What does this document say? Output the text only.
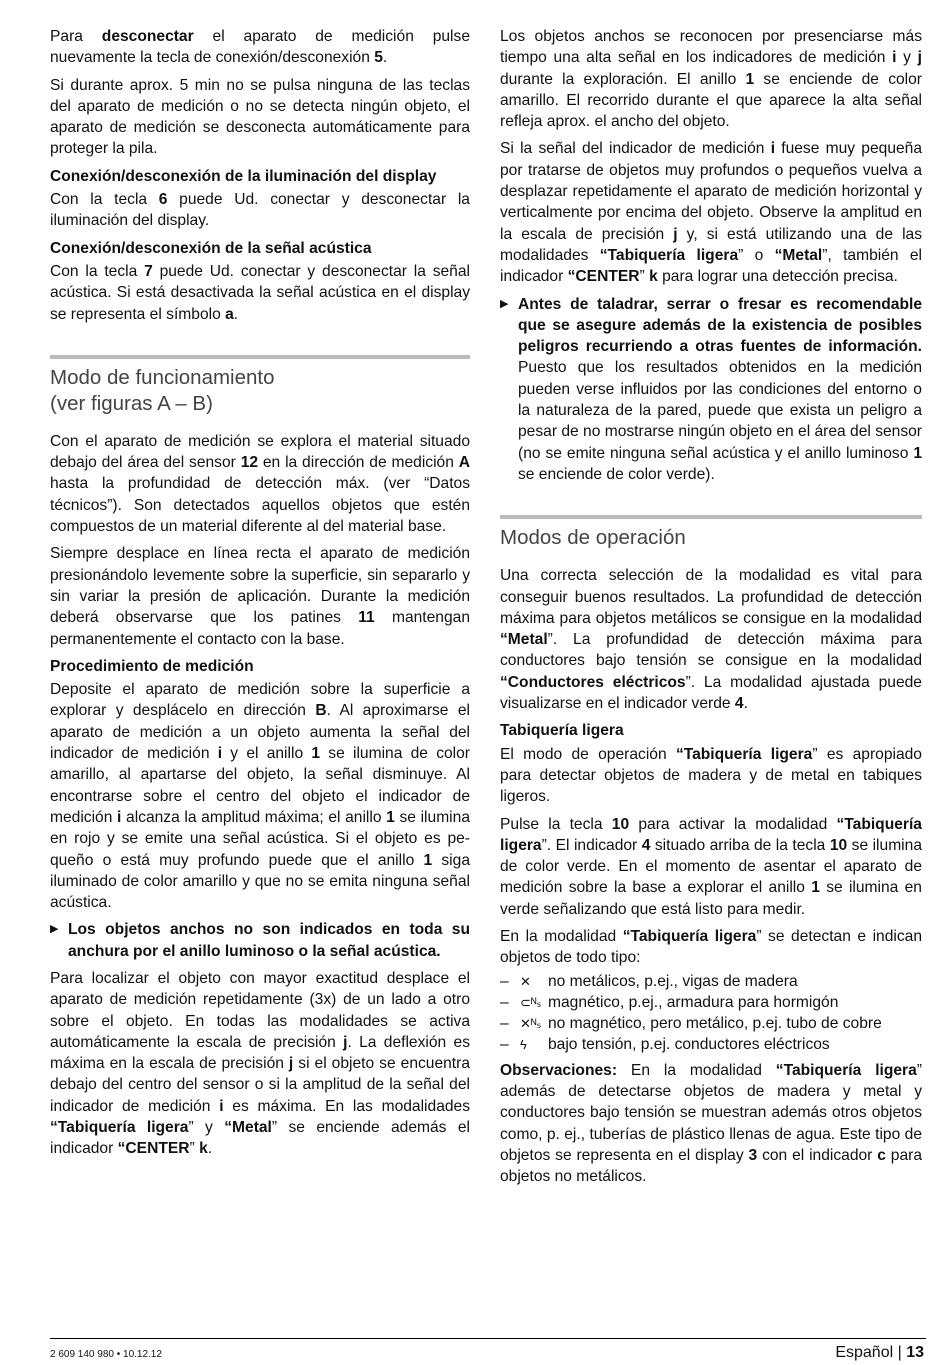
Para desconectar el aparato de medición pulse nuevamente la tecla de conexión/desconexión 5.

Si durante aprox. 5 min no se pulsa ninguna de las teclas del aparato de medición o no se detecta ningún objeto, el aparato de medición se desconecta automáticamente para proteger la pila.

Conexión/desconexión de la iluminación del display

Con la tecla 6 puede Ud. conectar y desconectar la iluminación del display.

Conexión/desconexión de la señal acústica

Con la tecla 7 puede Ud. conectar y desconectar la señal acústica. Si está desactivada la señal acústica en el display se representa el símbolo a.

Modo de funcionamiento
(ver figuras A – B)

Con el aparato de medición se explora el material situado debajo del área del sensor 12 en la dirección de medición A hasta la profundidad de detección máx. (ver “Datos técnicos”). Son detectados aquellos objetos que estén compuestos de un material diferente al del material base.

Siempre desplace en línea recta el aparato de medición presionándolo levemente sobre la superficie, sin separarlo y sin variar la presión de aplicación. Durante la medición deberá observarse que los patines 11 mantengan permanentemente el contacto con la base.

Procedimiento de medición

Deposite el aparato de medición sobre la superficie a explorar y desplácelo en dirección B. Al aproximarse el aparato de medición a un objeto aumenta la señal del indicador de medición i y el anillo 1 se ilumina de color amarillo, al apartarse del objeto, la señal disminuye. Al encontrarse sobre el centro del objeto el indicador de medición i alcanza la amplitud máxima; el anillo 1 se ilumina en rojo y se emite una señal acústica. Si el objeto es pequeño o está muy profundo puede que el anillo 1 siga iluminado de color amarillo y que no se emita ninguna señal acústica.

▶ Los objetos anchos no son indicados en toda su anchura por el anillo luminoso o la señal acústica.

Para localizar el objeto con mayor exactitud desplace el aparato de medición repetidamente (3x) de un lado a otro sobre el objeto. En todas las modalidades se activa automáticamente la escala de precisión j. La deflexión es máxima en la escala de precisión j si el objeto se encuentra debajo del centro del sensor o si la amplitud de la señal del indicador de medición i es máxima. En las modalidades “Tabiquería ligera” y “Metal” se enciende además el indicador “CENTER” k.

Los objetos anchos se reconocen por presenciarse más tiempo una alta señal en los indicadores de medición i y j durante la exploración. El anillo 1 se enciende de color amarillo. El recorrido durante el que aparece la alta señal refleja aprox. el ancho del objeto.

Si la señal del indicador de medición i fuese muy pequeña por tratarse de objetos muy profundos o pequeños vuelva a desplazar repetidamente el aparato de medición horizontal y verticalmente por encima del objeto. Observe la amplitud en la escala de precisión j y, si está utilizando una de las modalidades “Tabiquería ligera” o “Metal”, también el indicador “CENTER” k para lograr una detección precisa.

▶ Antes de taladrar, serrar o fresar es recomendable que se asegure además de la existencia de posibles peligros recurriendo a otras fuentes de información. Puesto que los resultados obtenidos en la medición pueden verse influidos por las condiciones del entorno o la naturaleza de la pared, puede que exista un peligro a pesar de no mostrarse ningún objeto en el área del sensor (no se emite ninguna señal acústica y el anillo luminoso 1 se enciende de color verde).

Modos de operación

Una correcta selección de la modalidad es vital para conseguir buenos resultados. La profundidad de detección máxima para objetos metálicos se consigue en la modalidad “Metal”. La profundidad de detección máxima para conductores bajo tensión se consigue en la modalidad “Conductores eléctricos”. La modalidad ajustada puede visualizarse en el indicador verde 4.

Tabiquería ligera

El modo de operación “Tabiquería ligera” es apropiado para detectar objetos de madera y de metal en tabiques ligeros.

Pulse la tecla 10 para activar la modalidad “Tabiquería ligera”. El indicador 4 situado arriba de la tecla 10 se ilumina de color verde. En el momento de asentar el aparato de medición sobre la base a explorar el anillo 1 se ilumina en verde señalizando que está listo para medir.

En la modalidad “Tabiquería ligera” se detectan e indican objetos de todo tipo:

– ✕	no metálicos, p.ej., vigas de madera
– ⊂ᴺₛ magnético, p.ej., armadura para hormigón
– ✕ᴺₛ no magnético, pero metálico, p.ej. tubo de cobre
– ϟ	bajo tensión, p.ej. conductores eléctricos

Observaciones: En la modalidad “Tabiquería ligera” además de detectarse objetos de madera y metal y conductores bajo tensión se muestran además otros objetos como, p. ej., tuberías de plástico llenas de agua. Este tipo de objetos se representa en el display 3 con el indicador c para objetos no metálicos.

2 609 140 980 • 10.12.12	Español | 13
